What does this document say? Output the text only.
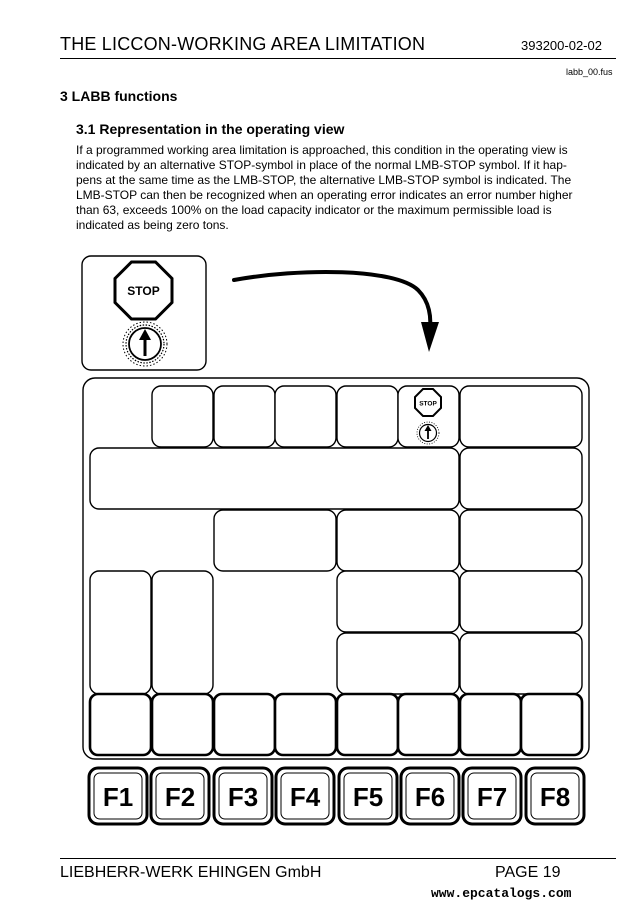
THE LICCON-WORKING AREA LIMITATION	393200-02-02
labb_00.fus
3 LABB functions
3.1 Representation in the operating view

If a programmed working area limitation is approached, this condition in the operating view is

indicated by an alternative STOP-symbol in place of the normal LMB-STOP symbol. If it hap-

pens at the same time as the LMB-STOP, the alternative LMB-STOP symbol is indicated. The

LMB-STOP can then be recognized when an operating error indicates an error number higher

than 63, exceeds 100% on the load capacity indicator or the maximum permissible load is

indicated as being zero tons.

STOP
STOP
F1 F2 F3 F4 F5 F6 F7 F8
LIEBHERR-WERK EHINGEN GmbH	PAGE 19
www.epcatalogs.com
